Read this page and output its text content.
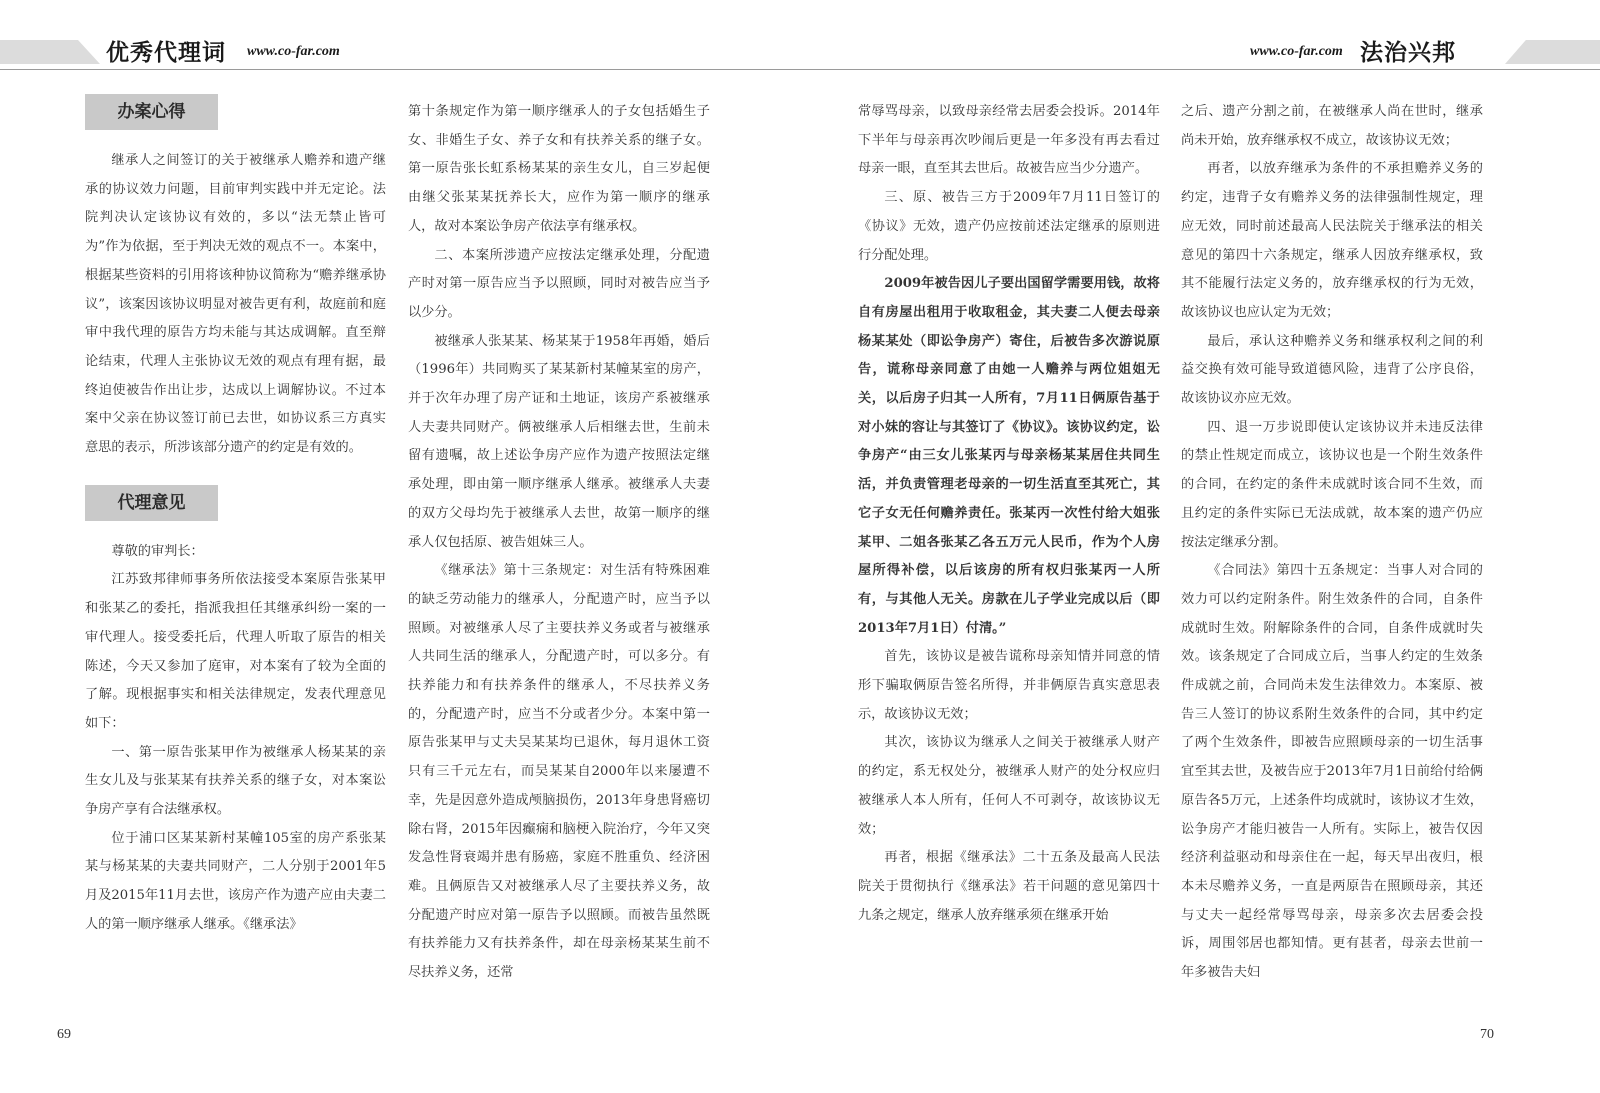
优秀代理词 www.co-far.com	www.co-far.com 法治兴邦
办案心得

继承人之间签订的关于被继承人赡养和遗产继承的协议效力问题，目前审判实践中并无定论。法院判决认定该协议有效的，多以“法无禁止皆可为”作为依据，至于判决无效的观点不一。本案中，根据某些资料的引用将该种协议简称为“赡养继承协议”，该案因该协议明显对被告更有利，故庭前和庭审中我代理的原告方均未能与其达成调解。直至辩论结束，代理人主张协议无效的观点有理有据，最终迫使被告作出让步，达成以上调解协议。不过本案中父亲在协议签订前已去世，如协议系三方真实意思的表示，所涉该部分遗产的约定是有效的。

代理意见

尊敬的审判长：

江苏致邦律师事务所依法接受本案原告张某甲和张某乙的委托，指派我担任其继承纠纷一案的一审代理人。接受委托后，代理人听取了原告的相关陈述，今天又参加了庭审，对本案有了较为全面的了解。现根据事实和相关法律规定，发表代理意见如下：

一、第一原告张某甲作为被继承人杨某某的亲生女儿及与张某某有扶养关系的继子女，对本案讼争房产享有合法继承权。

位于浦口区某某新村某幢105室的房产系张某某与杨某某的夫妻共同财产，二人分别于2001年5月及2015年11月去世，该房产作为遗产应由夫妻二人的第一顺序继承人继承。《继承法》

第十条规定作为第一顺序继承人的子女包括婚生子女、非婚生子女、养子女和有扶养关系的继子女。第一原告张长虹系杨某某的亲生女儿，自三岁起便由继父张某某抚养长大，应作为第一顺序的继承人，故对本案讼争房产依法享有继承权。

二、本案所涉遗产应按法定继承处理，分配遗产时对第一原告应当予以照顾，同时对被告应当予以少分。

被继承人张某某、杨某某于1958年再婚，婚后（1996年）共同购买了某某新村某幢某室的房产，并于次年办理了房产证和土地证，该房产系被继承人夫妻共同财产。俩被继承人后相继去世，生前未留有遗嘱，故上述讼争房产应作为遗产按照法定继承处理，即由第一顺序继承人继承。被继承人夫妻的双方父母均先于被继承人去世，故第一顺序的继承人仅包括原、被告姐妹三人。

《继承法》第十三条规定：对生活有特殊困难的缺乏劳动能力的继承人，分配遗产时，应当予以照顾。对被继承人尽了主要扶养义务或者与被继承人共同生活的继承人，分配遗产时，可以多分。有扶养能力和有扶养条件的继承人，不尽扶养义务的，分配遗产时，应当不分或者少分。本案中第一原告张某甲与丈夫吴某某均已退休，每月退休工资只有三千元左右，而吴某某自2000年以来屡遭不幸，先是因意外造成颅脑损伤，2013年身患肾癌切除右肾，2015年因癫痫和脑梗入院治疗，今年又突发急性肾衰竭并患有肠癌，家庭不胜重负、经济困难。且俩原告又对被继承人尽了主要扶养义务，故分配遗产时应对第一原告予以照顾。而被告虽然既有扶养能力又有扶养条件，却在母亲杨某某生前不尽扶养义务，还常

常辱骂母亲，以致母亲经常去居委会投诉。2014年下半年与母亲再次吵闹后更是一年多没有再去看过母亲一眼，直至其去世后。故被告应当少分遗产。

三、原、被告三方于2009年7月11日签订的《协议》无效，遗产仍应按前述法定继承的原则进行分配处理。

2009年被告因儿子要出国留学需要用钱，故将自有房屋出租用于收取租金，其夫妻二人便去母亲杨某某处（即讼争房产）寄住，后被告多次游说原告，谎称母亲同意了由她一人赡养与两位姐姐无关，以后房子归其一人所有，7月11日俩原告基于对小妹的容让与其签订了《协议》。该协议约定，讼争房产“由三女儿张某丙与母亲杨某某居住共同生活，并负责管理老母亲的一切生活直至其死亡，其它子女无任何赡养责任。张某丙一次性付给大姐张某甲、二姐各张某乙各五万元人民币，作为个人房屋所得补偿，以后该房的所有权归张某丙一人所有，与其他人无关。房款在儿子学业完成以后（即2013年7月1日）付清。”

首先，该协议是被告谎称母亲知情并同意的情形下骗取俩原告签名所得，并非俩原告真实意思表示，故该协议无效；

其次，该协议为继承人之间关于被继承人财产的约定，系无权处分，被继承人财产的处分权应归被继承人本人所有，任何人不可剥夺，故该协议无效；

再者，根据《继承法》二十五条及最高人民法院关于贯彻执行《继承法》若干问题的意见第四十九条之规定，继承人放弃继承须在继承开始

之后、遗产分割之前，在被继承人尚在世时，继承尚未开始，放弃继承权不成立，故该协议无效；

再者，以放弃继承为条件的不承担赡养义务的约定，违背子女有赡养义务的法律强制性规定，理应无效，同时前述最高人民法院关于继承法的相关意见的第四十六条规定，继承人因放弃继承权，致其不能履行法定义务的，放弃继承权的行为无效，故该协议也应认定为无效；

最后，承认这种赡养义务和继承权利之间的利益交换有效可能导致道德风险，违背了公序良俗，故该协议亦应无效。

四、退一万步说即使认定该协议并未违反法律的禁止性规定而成立，该协议也是一个附生效条件的合同，在约定的条件未成就时该合同不生效，而且约定的条件实际已无法成就，故本案的遗产仍应按法定继承分割。

《合同法》第四十五条规定：当事人对合同的效力可以约定附条件。附生效条件的合同，自条件成就时生效。附解除条件的合同，自条件成就时失效。该条规定了合同成立后，当事人约定的生效条件成就之前，合同尚未发生法律效力。本案原、被告三人签订的协议系附生效条件的合同，其中约定了两个生效条件，即被告应照顾母亲的一切生活事宜至其去世，及被告应于2013年7月1日前给付给俩原告各5万元，上述条件均成就时，该协议才生效，讼争房产才能归被告一人所有。实际上，被告仅因经济利益驱动和母亲住在一起，每天早出夜归，根本未尽赡养义务，一直是两原告在照顾母亲，其还与丈夫一起经常辱骂母亲，母亲多次去居委会投诉，周围邻居也都知情。更有甚者，母亲去世前一年多被告夫妇

69	70
